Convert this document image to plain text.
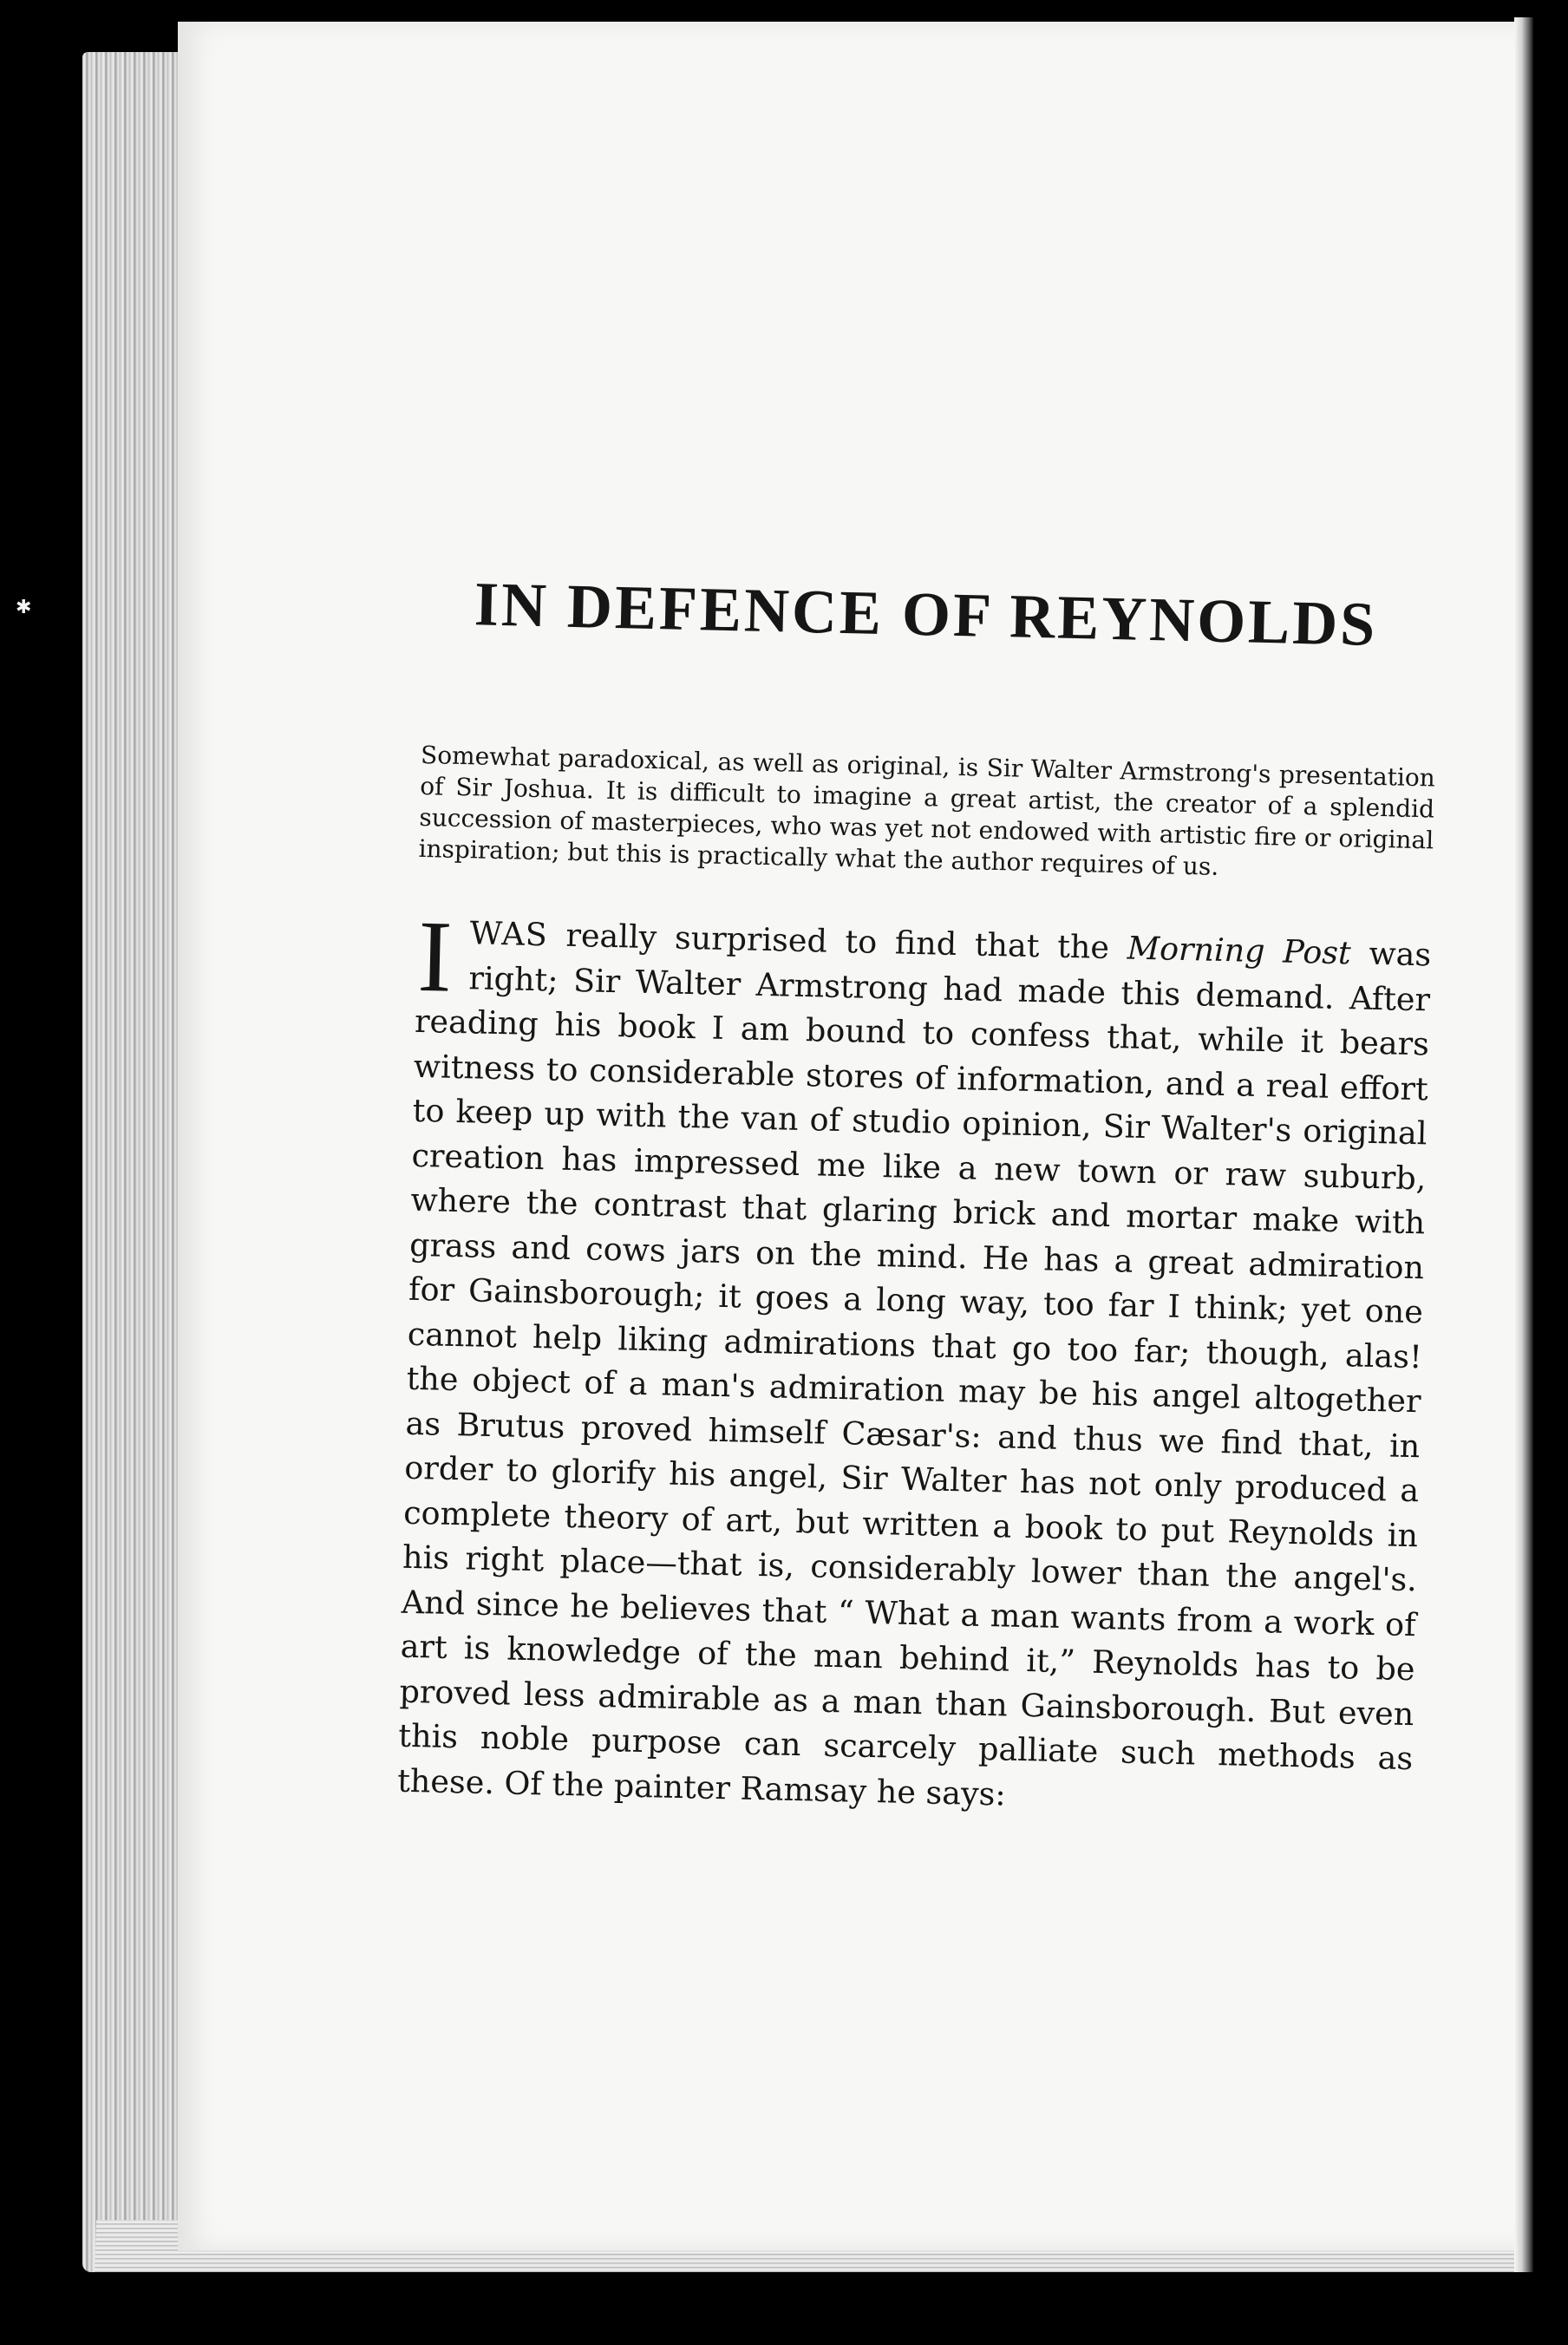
✱	IN DEFENCE OF REYNOLDS

Somewhat paradoxical, as well as original, is Sir Walter Armstrong's presentation of Sir Joshua. It is difficult to imagine a great artist, the creator of a splendid succession of masterpieces, who was yet not endowed with artistic fire or original inspiration; but this is practically what the author requires of us.

IWAS really surprised to find that the Morning Post was right; Sir Walter Armstrong had made this demand. After reading his book I am bound to confess that, while it bears witness to considerable stores of information, and a real effort to keep up with the van of studio opinion, Sir Walter's original creation has impressed me like a new town or raw suburb, where the contrast that glaring brick and mortar make with grass and cows jars on the mind. He has a great admiration for Gainsborough; it goes a long way, too far I think; yet one cannot help liking admirations that go too far; though, alas! the object of a man's admiration may be his angel altogether as Brutus proved himself Cæsar's: and thus we find that, in order to glorify his angel, Sir Walter has not only produced a complete theory of art, but written a book to put Reynolds in his right place—that is, considerably lower than the angel's. And since he believes that “ What a man wants from a work of art is knowledge of the man behind it,” Reynolds has to be proved less admirable as a man than Gainsborough. But even this noble purpose can scarcely palliate such methods as these. Of the painter Ramsay he says:
